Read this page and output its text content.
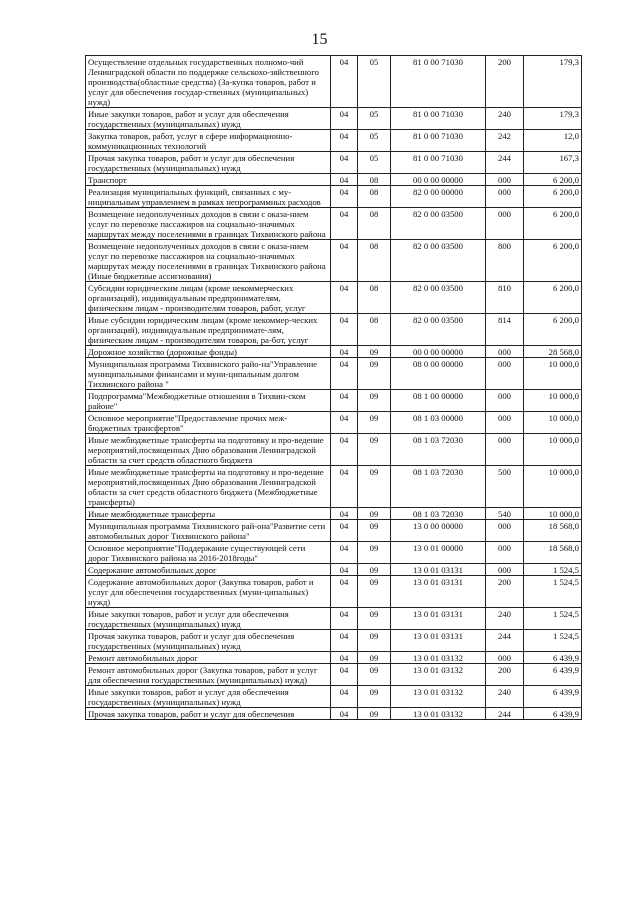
15
Осуществление отдельных государственных полномо-чий Ленинградской области по поддержке сельскохо-зяйственного производства(областные средства) (За-купка товаров, работ и услуг для обеспечения государ-ственных (муниципальных) нужд)	04	05	81 0 00 71030	200	179,3
Иные закупки товаров, работ и услуг для обеспечения государственных (муниципальных) нужд	04	05	81 0 00 71030	240	179,3
Закупка товаров, работ, услуг в сфере информационно-коммуникационных технологий	04	05	81 0 00 71030	242	12,0
Прочая закупка товаров, работ и услуг для обеспечения государственных (муниципальных) нужд	04	05	81 0 00 71030	244	167,3
Транспорт	04	08	00 0 00 00000	000	6 200,0
Реализация муниципальных функций, связанных с му-ниципальным управлением в рамках непрограммных расходов	04	08	82 0 00 00000	000	6 200,0
Возмещение недополученных доходов в связи с оказа-нием услуг по перевозке пассажиров на социально-значимых маршрутах между поселениями в границах Тихвинского района	04	08	82 0 00 03500	000	6 200,0
Возмещение недополученных доходов в связи с оказа-нием услуг по перевозке пассажиров на социально-значимых маршрутах между поселениями в границах Тихвинского района (Иные бюджетные ассигнования)	04	08	82 0 00 03500	800	6 200,0
Субсидии юридическим лицам (кроме некоммерческих организаций), индивидуальным предпринимателям, физическим лицам - производителям товаров, работ, услуг	04	08	82 0 00 03500	810	6 200,0
Иные субсидии юридическим лицам (кроме некоммер-ческих организаций), индивидуальным предпринимате-лям, физическим лицам - производителям товаров, ра-бот, услуг	04	08	82 0 00 03500	814	6 200,0
Дорожное хозяйство (дорожные фонды)	04	09	00 0 00 00000	000	28 568,0
Муниципальная программа Тихвинского райо-на"Управление муниципальными финансами и муни-ципальным долгом Тихвинского района "	04	09	08 0 00 00000	000	10 000,0
Подпрограмма"Межбюджетные отношения в Тихвин-ском районе"	04	09	08 1 00 00000	000	10 000,0
Основное мероприятие"Предоставление прочих меж-бюджетных трансфертов"	04	09	08 1 03 00000	000	10 000,0
Иные межбюджетные трансферты на подготовку и про-ведение мероприятий,посвященных Дню образования Ленинградской области за счет средств областного бюджета	04	09	08 1 03 72030	000	10 000,0
Иные межбюджетные трансферты на подготовку и про-ведение мероприятий,посвященных Дню образования Ленинградской области за счет средств областного бюджета (Межбюджетные трансферты)	04	09	08 1 03 72030	500	10 000,0
Иные межбюджетные трансферты	04	09	08 1 03 72030	540	10 000,0
Муниципальная программа Тихвинского рай-она"Развитие сети автомобильных дорог Тихвинского района"	04	09	13 0 00 00000	000	18 568,0
Основное мероприятие"Поддержание существующей сети дорог Тихвинского района на 2016-2018годы"	04	09	13 0 01 00000	000	18 568,0
Содержание автомобильных дорог	04	09	13 0 01 03131	000	1 524,5
Содержание автомобильных дорог (Закупка товаров, работ и услуг для обеспечения государственных (муни-ципальных) нужд)	04	09	13 0 01 03131	200	1 524,5
Иные закупки товаров, работ и услуг для обеспечения государственных (муниципальных) нужд	04	09	13 0 01 03131	240	1 524,5
Прочая закупка товаров, работ и услуг для обеспечения государственных (муниципальных) нужд	04	09	13 0 01 03131	244	1 524,5
Ремонт автомобильных дорог	04	09	13 0 01 03132	000	6 439,9
Ремонт автомобильных дорог (Закупка товаров, работ и услуг для обеспечения государственных (муниципальных) нужд)	04	09	13 0 01 03132	200	6 439,9
Иные закупки товаров, работ и услуг для обеспечения государственных (муниципальных) нужд	04	09	13 0 01 03132	240	6 439,9
Прочая закупка товаров, работ и услуг для обеспечения	04	09	13 0 01 03132	244	6 439,9
